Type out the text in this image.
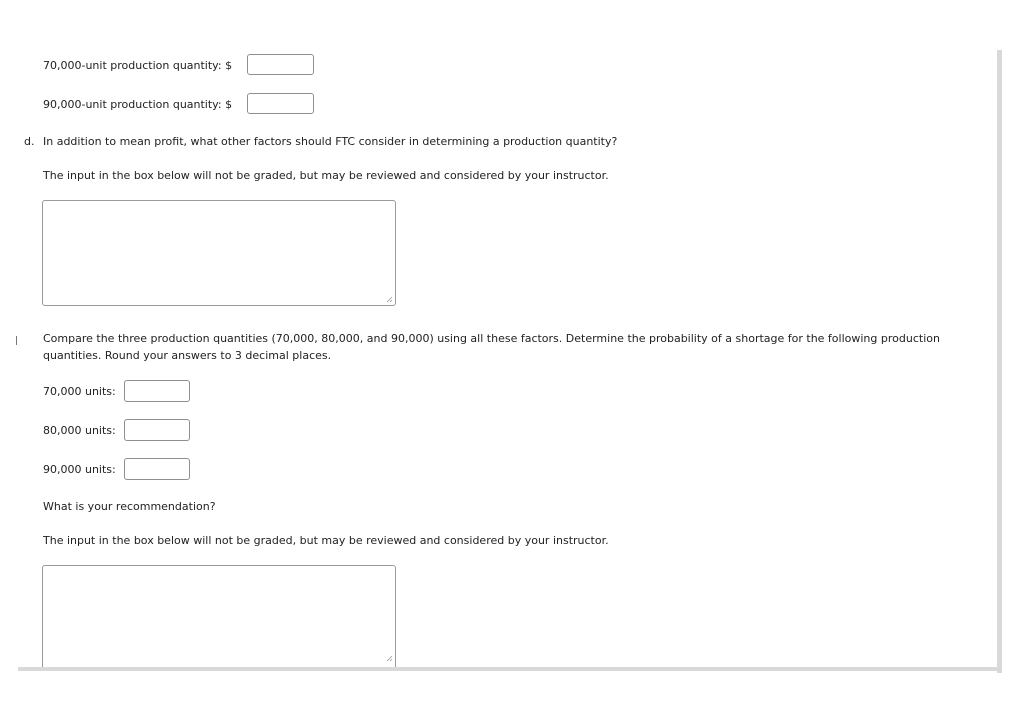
70,000-unit production quantity: $
90,000-unit production quantity: $
d. In addition to mean profit, what other factors should FTC consider in determining a production quantity?
The input in the box below will not be graded, but may be reviewed and considered by your instructor.
Compare the three production quantities (70,000, 80,000, and 90,000) using all these factors. Determine the probability of a shortage for the following production quantities. Round your answers to 3 decimal places.
70,000 units:
80,000 units:
90,000 units:
What is your recommendation?
The input in the box below will not be graded, but may be reviewed and considered by your instructor.
